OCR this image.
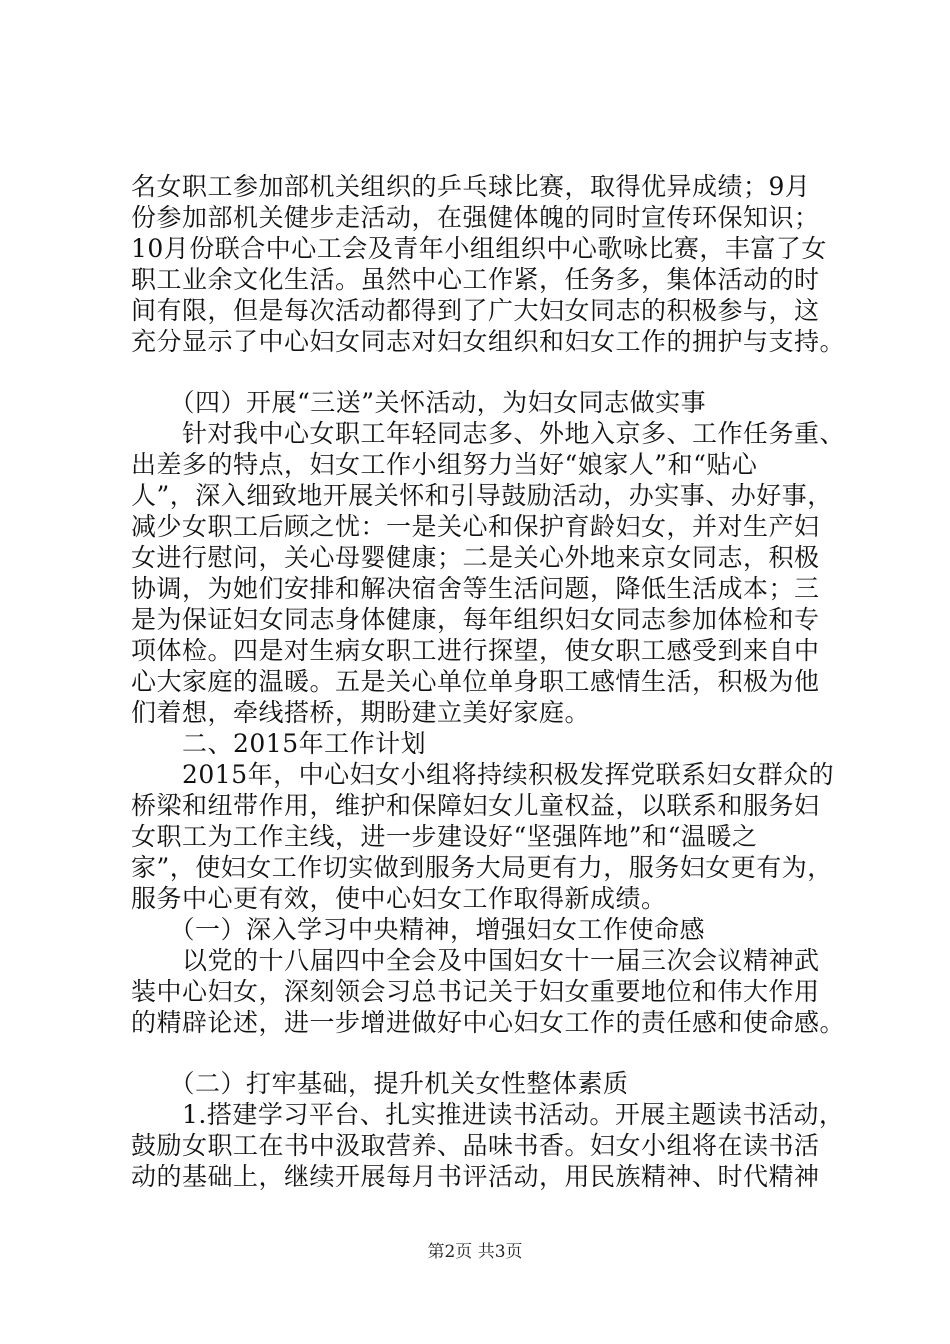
名女职工参加部机关组织的乒乓球比赛，取得优异成绩；9月
份参加部机关健步走活动，在强健体魄的同时宣传环保知识；
10月份联合中心工会及青年小组组织中心歌咏比赛，丰富了女
职工业余文化生活。虽然中心工作紧，任务多，集体活动的时
间有限，但是每次活动都得到了广大妇女同志的积极参与，这
充分显示了中心妇女同志对妇女组织和妇女工作的拥护与支持。
　　（四）开展“三送”关怀活动，为妇女同志做实事
　　针对我中心女职工年轻同志多、外地入京多、工作任务重、
出差多的特点，妇女工作小组努力当好“娘家人”和“贴心
人”，深入细致地开展关怀和引导鼓励活动，办实事、办好事，
减少女职工后顾之忧：一是关心和保护育龄妇女，并对生产妇
女进行慰问，关心母婴健康；二是关心外地来京女同志，积极
协调，为她们安排和解决宿舍等生活问题，降低生活成本；三
是为保证妇女同志身体健康，每年组织妇女同志参加体检和专
项体检。四是对生病女职工进行探望，使女职工感受到来自中
心大家庭的温暖。五是关心单位单身职工感情生活，积极为他
们着想，牵线搭桥，期盼建立美好家庭。
　　二、2015年工作计划
　　2015年，中心妇女小组将持续积极发挥党联系妇女群众的
桥梁和纽带作用，维护和保障妇女儿童权益，以联系和服务妇
女职工为工作主线，进一步建设好“坚强阵地”和“温暖之
家”，使妇女工作切实做到服务大局更有力，服务妇女更有为，
服务中心更有效，使中心妇女工作取得新成绩。
　　（一）深入学习中央精神，增强妇女工作使命感
　　以党的十八届四中全会及中国妇女十一届三次会议精神武
装中心妇女，深刻领会习总书记关于妇女重要地位和伟大作用
的精辟论述，进一步增进做好中心妇女工作的责任感和使命感。
　　（二）打牢基础，提升机关女性整体素质
　　1.搭建学习平台、扎实推进读书活动。开展主题读书活动，
鼓励女职工在书中汲取营养、品味书香。妇女小组将在读书活
动的基础上，继续开展每月书评活动，用民族精神、时代精神
第2页 共3页
